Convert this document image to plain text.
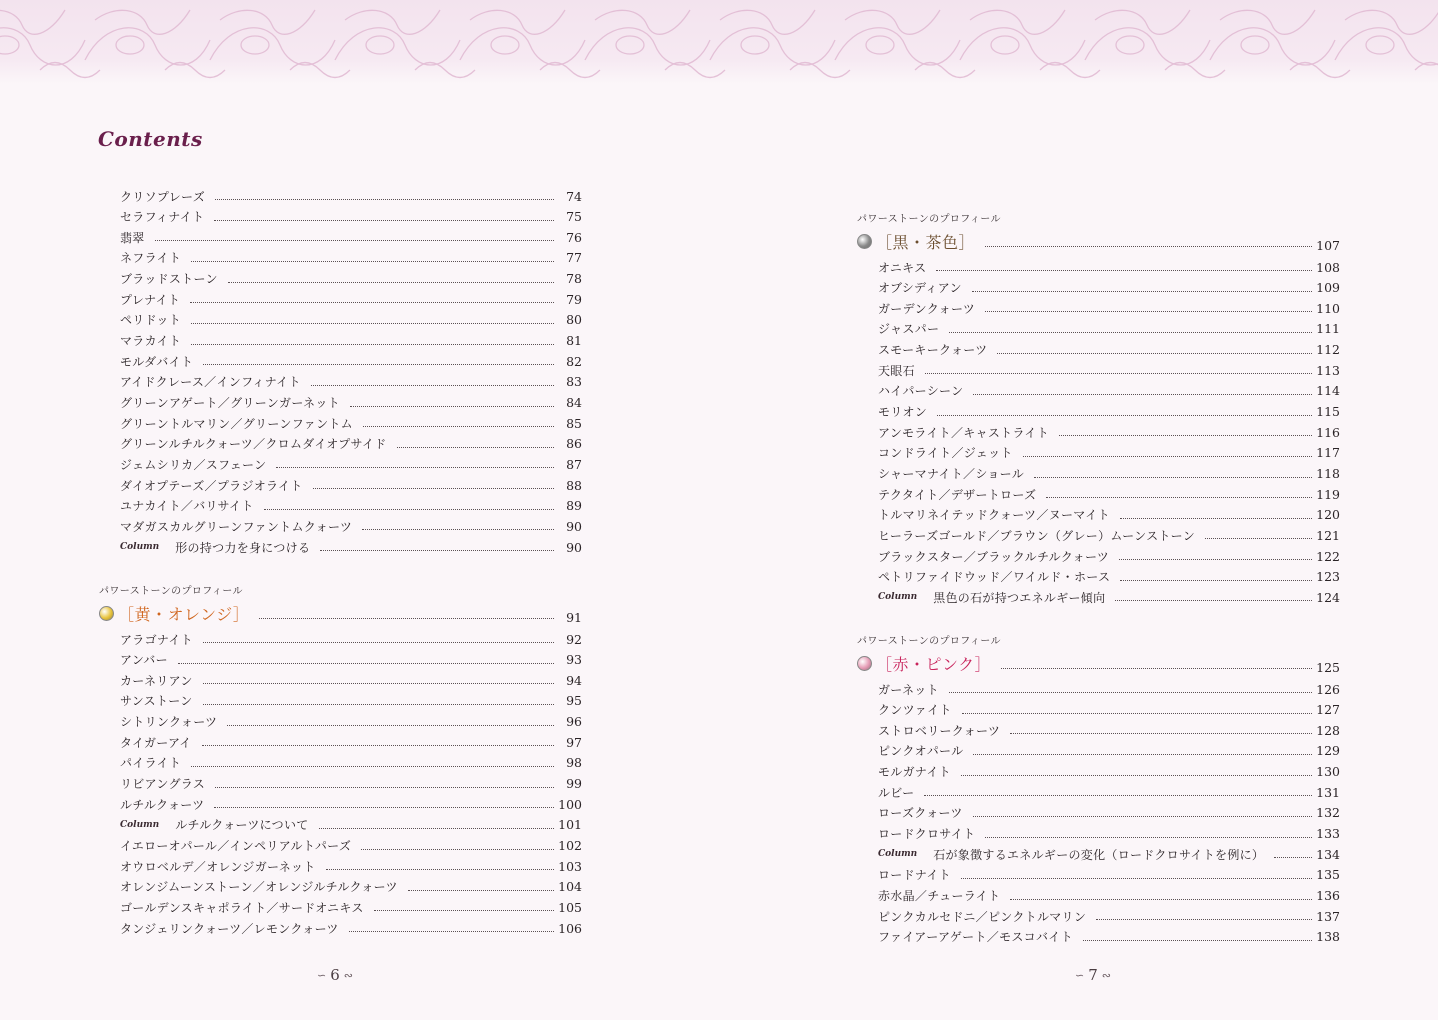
Contents
クリソプレーズ	74
セラフィナイト	75
翡翠	76
ネフライト	77
ブラッドストーン	78
プレナイト	79
ペリドット	80
マラカイト	81
モルダバイト	82
アイドクレース／インフィナイト	83
グリーンアゲート／グリーンガーネット	84
グリーントルマリン／グリーンファントム	85
グリーンルチルクォーツ／クロムダイオプサイド	86
ジェムシリカ／スフェーン	87
ダイオプテーズ／プラジオライト	88
ユナカイト／バリサイト	89
マダガスカルグリーンファントムクォーツ	90
Column 形の持つ力を身につける	90
パワーストーンのプロフィール
［黄・オレンジ］	91
アラゴナイト	92
アンバー	93
カーネリアン	94
サンストーン	95
シトリンクォーツ	96
タイガーアイ	97
パイライト	98
リビアングラス	99
ルチルクォーツ	100
Column ルチルクォーツについて	101
イエローオパール／インペリアルトパーズ	102
オウロベルデ／オレンジガーネット	103
オレンジムーンストーン／オレンジルチルクォーツ	104
ゴールデンスキャポライト／サードオニキス	105
タンジェリンクォーツ／レモンクォーツ	106
パワーストーンのプロフィール
［黒・茶色］	107
オニキス	108
オブシディアン	109
ガーデンクォーツ	110
ジャスパー	111
スモーキークォーツ	112
天眼石	113
ハイパーシーン	114
モリオン	115
アンモライト／キャストライト	116
コンドライト／ジェット	117
シャーマナイト／ショール	118
テクタイト／デザートローズ	119
トルマリネイテッドクォーツ／ヌーマイト	120
ヒーラーズゴールド／ブラウン（グレー）ムーンストーン	121
ブラックスター／ブラックルチルクォーツ	122
ペトリファイドウッド／ワイルド・ホース	123
Column 黒色の石が持つエネルギー傾向	124
パワーストーンのプロフィール
［赤・ピンク］	125
ガーネット	126
クンツァイト	127
ストロベリークォーツ	128
ピンクオパール	129
モルガナイト	130
ルビー	131
ローズクォーツ	132
ロードクロサイト	133
Column 石が象徴するエネルギーの変化（ロードクロサイトを例に）	134
ロードナイト	135
赤水晶／チューライト	136
ピンクカルセドニ／ピンクトルマリン	137
ファイアーアゲート／モスコバイト	138
∽ 6 ∾	∽ 7 ∾
